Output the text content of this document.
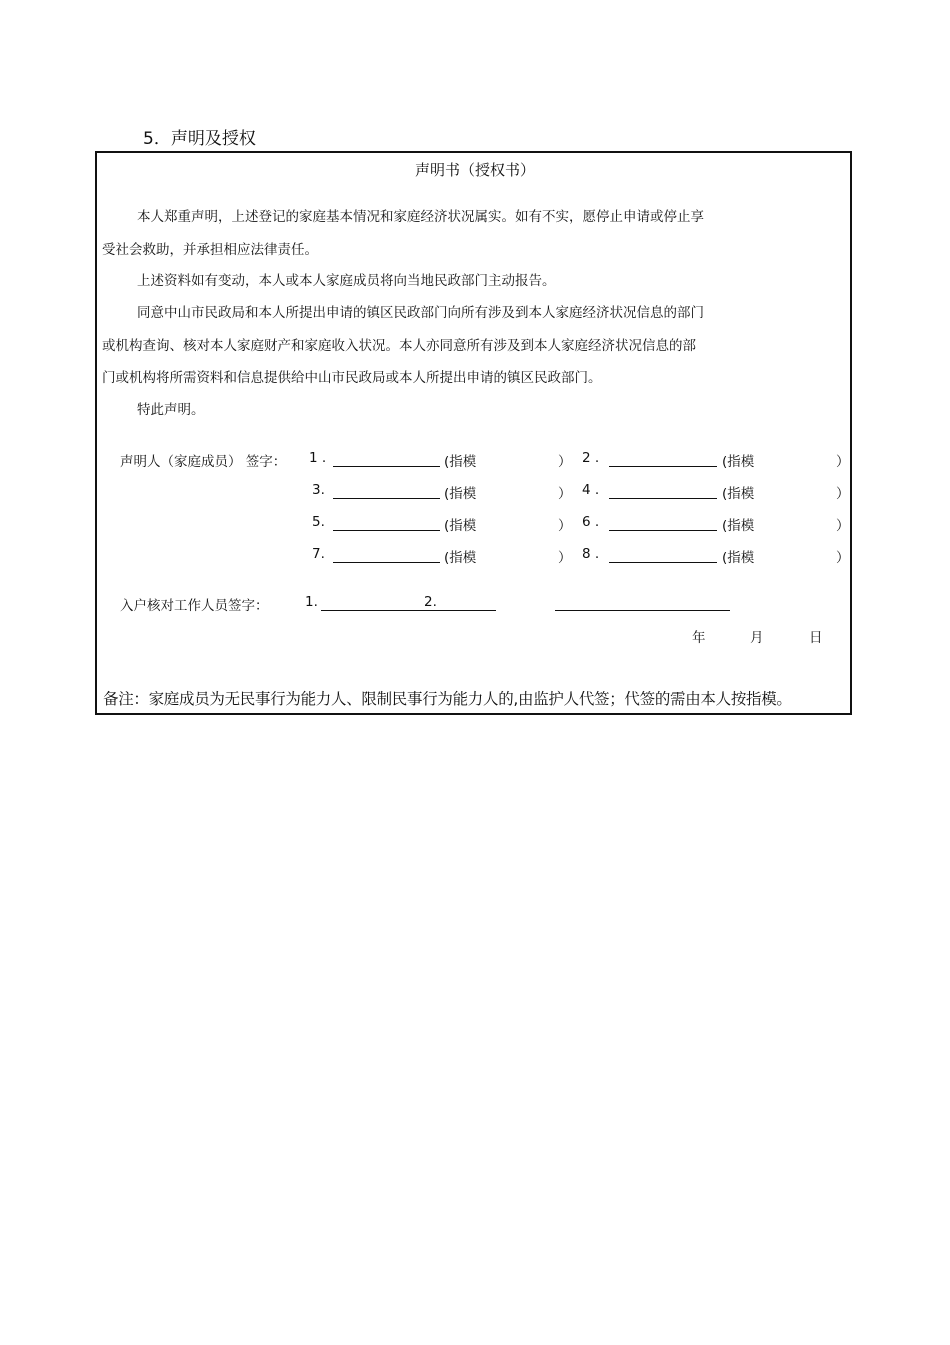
5．声明及授权
声明书（授权书）
本人郑重声明，上述登记的家庭基本情况和家庭经济状况属实。如有不实，愿停止申请或停止享
受社会救助，并承担相应法律责任。
上述资料如有变动，本人或本人家庭成员将向当地民政部门主动报告。
同意中山市民政局和本人所提出申请的镇区民政部门向所有涉及到本人家庭经济状况信息的部门
或机构查询、核对本人家庭财产和家庭收入状况。本人亦同意所有涉及到本人家庭经济状况信息的部
门或机构将所需资料和信息提供给中山市民政局或本人所提出申请的镇区民政部门。
特此声明。
声明人（家庭成员） 签字： 1 .	(指模	） 2 .	(指模	）
3.	(指模	） 4 .	(指模	）
5.	(指模	） 6 .	(指模	）
7.	(指模	） 8 .	(指模	）
入户核对工作人员签字：	1.	2.
年	月	日
备注：家庭成员为无民事行为能力人、限制民事行为能力人的,由监护人代签；代签的需由本人按指模。
